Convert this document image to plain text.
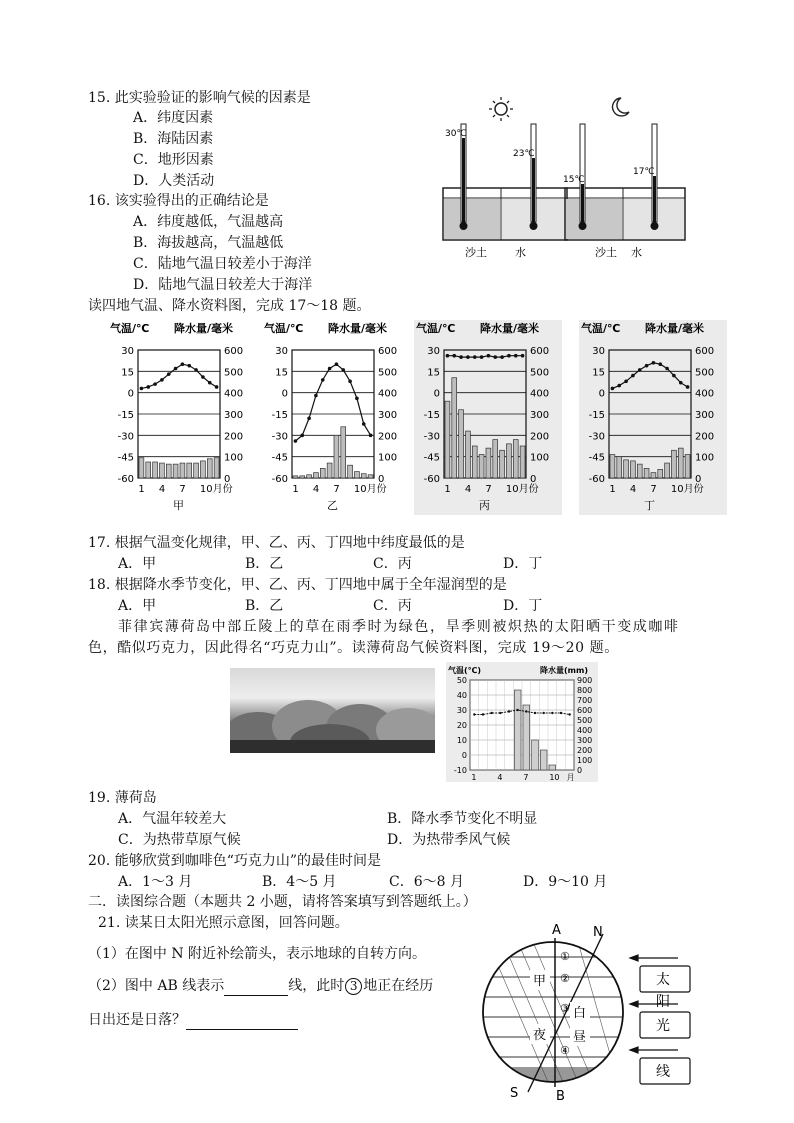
15. 此实验验证的影响气候的因素是
A．纬度因素
B．海陆因素
C．地形因素
D．人类活动
16. 该实验得出的正确结论是
A．纬度越低，气温越高
B．海拔越高，气温越低
C．陆地气温日较差小于海洋
D．陆地气温日较差大于海洋
30℃
23℃
15℃
17℃
沙土	水	沙土 水
读四地气温、降水资料图，完成 17～18 题。
气温/℃ 降水量/毫米
30
15
0
-15
-30
-45
-60
600
500
400
300
200
100
0
1 4 7 10月份
甲
气温/℃ 降水量/毫米
30
15
0
-15
-30
-45
-60
600
500
400
300
200
100
0
1 4 7 10月份
乙
气温/℃ 降水量/毫米
30
15
0
-15
-30
-45
-60
600
500
400
300
200
100
0
1 4 7 10月份
丙
气温/℃ 降水量/毫米
30
15
0
-15
-30
-45
-60
600
500
400
300
200
100
0
1 4 7 10月份
丁
17. 根据气温变化规律，甲、乙、丙、丁四地中纬度最低的是
A．甲	B．乙	C．丙	D．丁
18. 根据降水季节变化，甲、乙、丙、丁四地中属于全年湿润型的是
A．甲	B．乙	C．丙	D．丁
菲律宾薄荷岛中部丘陵上的草在雨季时为绿色，旱季则被炽热的太阳晒干变成咖啡
色，酷似巧克力，因此得名“巧克力山”。读薄荷岛气候资料图，完成 19～20 题。
气温(℃)	降水量(mm)
50
40
30
20
10
0
-10
900
800
700
600
500
400
300
200
100
0
1	4	7	10 月
19. 薄荷岛
A．气温年较差大	B．降水季节变化不明显
C．为热带草原气候	D．为热带季风气候
20. 能够欣赏到咖啡色“巧克力山”的最佳时间是
A．1～3 月	B．4～5 月	C．6～8 月	D．9～10 月
二．读图综合题（本题共 2 小题，请将答案填写到答题纸上。）
21. 读某日太阳光照示意图，回答问题。
（1）在图中 N 附近补绘箭头，表示地球的自转方向。
（2）图中 AB 线表示	线，此时 3 地正在经历
日出还是日落？
甲
夜
白
昼
①
②
③
④
A N
S	B
太
阳
光
线
